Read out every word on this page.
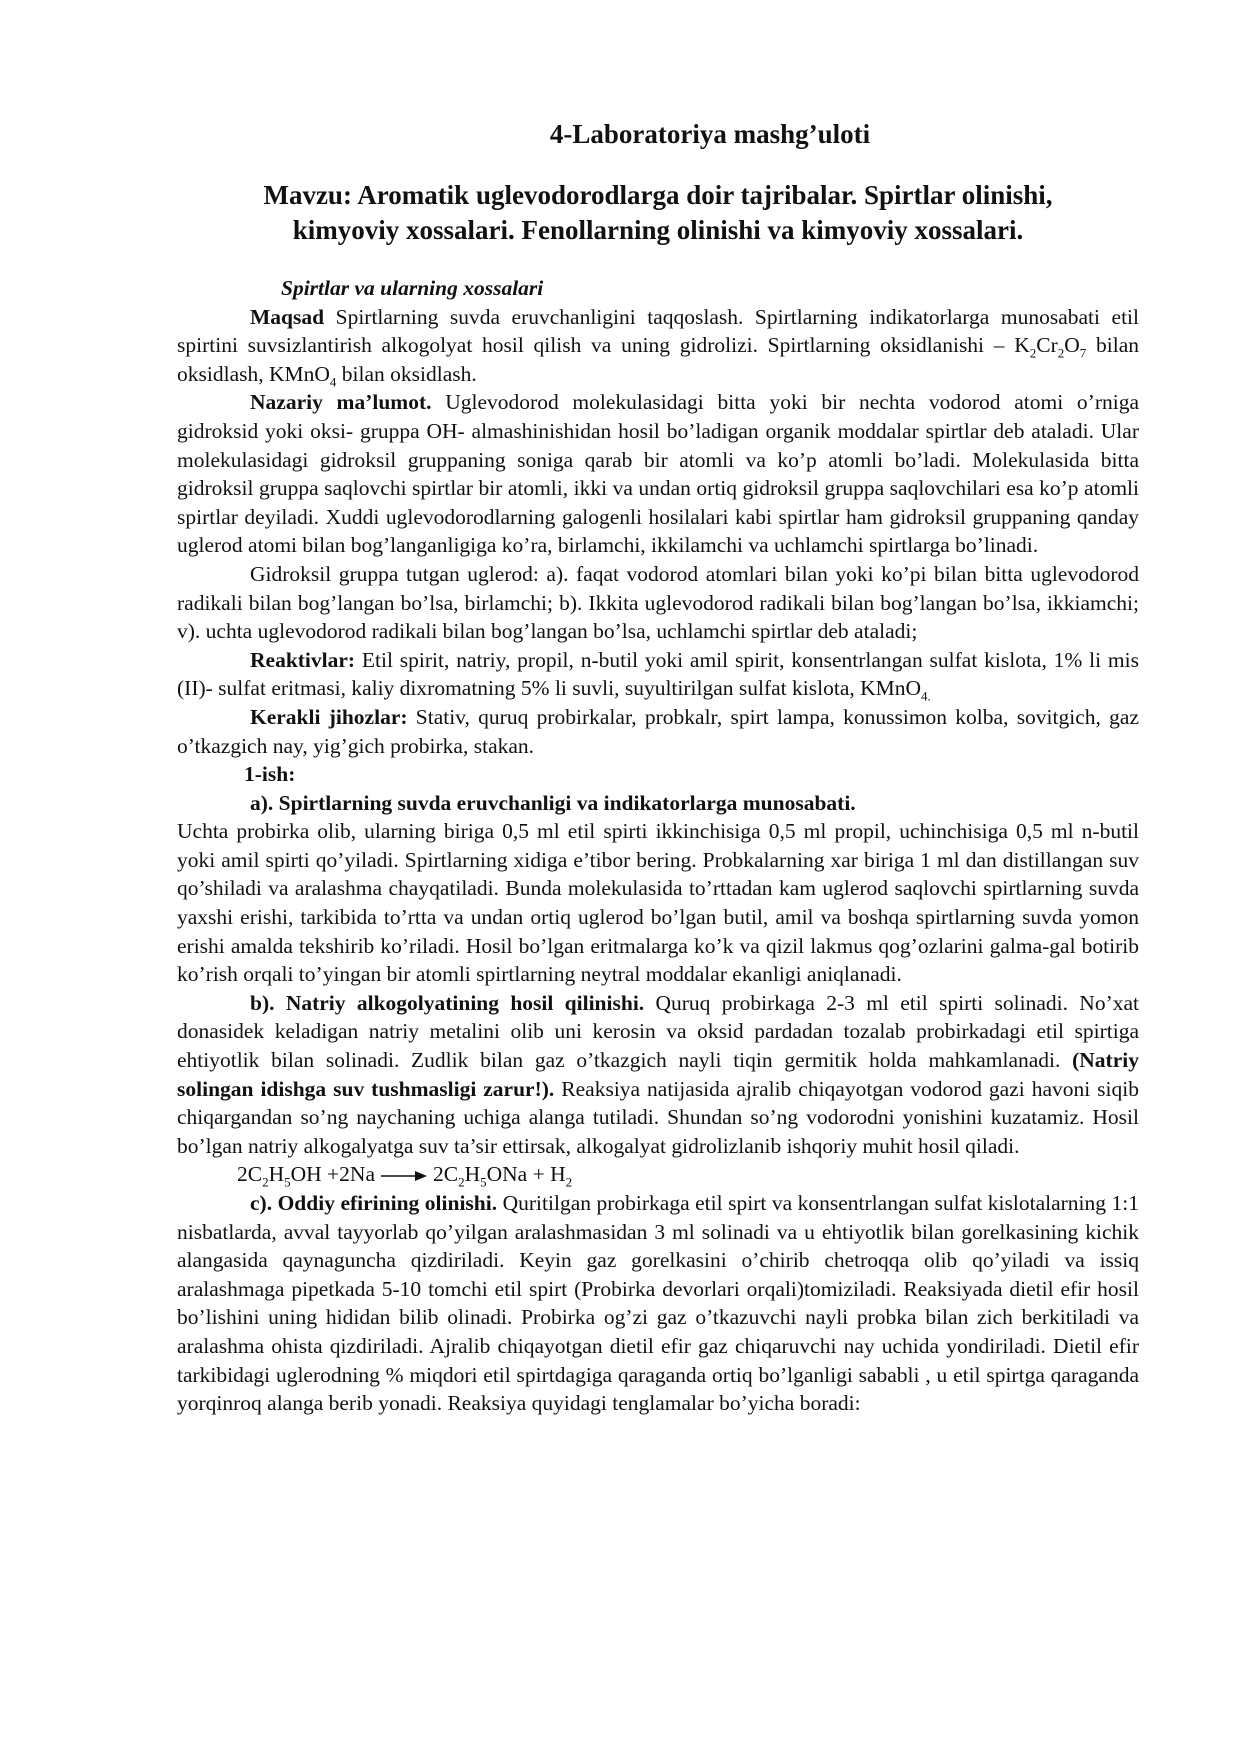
4-Laboratoriya mashg’uloti
Mavzu: Aromatik uglevodorodlarga doir tajribalar. Spirtlar olinishi,
kimyoviy xossalari. Fenollarning olinishi va kimyoviy xossalari.

Spirtlar va ularning xossalari

Maqsad Spirtlarning suvda eruvchanligini taqqoslash. Spirtlarning indikatorlarga munosabati etil spirtini suvsizlantirish alkogolyat hosil qilish va uning gidrolizi. Spirtlarning oksidlanishi – $K_2Cr_2O_7$ bilan oksidlash, KMnO$_4$ bilan oksidlash.

Nazariy ma’lumot. Uglevodorod molekulasidagi bitta yoki bir nechta vodorod atomi o’rniga gidroksid yoki oksi- gruppa OH- almashinishidan hosil bo’ladigan organik moddalar spirtlar deb ataladi. Ular molekulasidagi gidroksil gruppaning soniga qarab bir atomli va ko’p atomli bo’ladi. Molekulasida bitta gidroksil gruppa saqlovchi spirtlar bir atomli, ikki va undan ortiq gidroksil gruppa saqlovchilari esa ko’p atomli spirtlar deyiladi. Xuddi uglevodorodlarning galogenli hosilalari kabi spirtlar ham gidroksil gruppaning qanday uglerod atomi bilan bog’langanligiga ko’ra, birlamchi, ikkilamchi va uchlamchi spirtlarga bo’linadi.

Gidroksil gruppa tutgan uglerod: a). faqat vodorod atomlari bilan yoki ko’pi bilan bitta uglevodorod radikali bilan bog’langan bo’lsa, birlamchi; b). Ikkita uglevodorod radikali bilan bog’langan bo’lsa, ikkiamchi; v). uchta uglevodorod radikali bilan bog’langan bo’lsa, uchlamchi spirtlar deb ataladi;

Reaktivlar: Etil spirit, natriy, propil, n-butil yoki amil spirit, konsentrlangan sulfat kislota, 1% li mis (II)- sulfat eritmasi, kaliy dixromatning 5% li suvli, suyultirilgan sulfat kislota, KMnO$_{4.}$

Kerakli jihozlar: Stativ, quruq probirkalar, probkalr, spirt lampa, konussimon kolba, sovitgich, gaz o’tkazgich nay, yig’gich probirka, stakan.

1-ish:

a). Spirtlarning suvda eruvchanligi va indikatorlarga munosabati.

Uchta probirka olib, ularning biriga 0,5 ml etil spirti ikkinchisiga 0,5 ml propil, uchinchisiga 0,5 ml n-butil yoki amil spirti qo’yiladi. Spirtlarning xidiga e’tibor bering. Probkalarning xar biriga 1 ml dan distillangan suv qo’shiladi va aralashma chayqatiladi. Bunda molekulasida to’rttadan kam uglerod saqlovchi spirtlarning suvda yaxshi erishi, tarkibida to’rtta va undan ortiq uglerod bo’lgan butil, amil va boshqa spirtlarning suvda yomon erishi amalda tekshirib ko’riladi. Hosil bo’lgan eritmalarga ko’k va qizil lakmus qog’ozlarini galma-gal botirib ko’rish orqali to’yingan bir atomli spirtlarning neytral moddalar ekanligi aniqlanadi.

b). Natriy alkogolyatining hosil qilinishi. Quruq probirkaga 2-3 ml etil spirti solinadi. No’xat donasidek keladigan natriy metalini olib uni kerosin va oksid pardadan tozalab probirkadagi etil spirtiga ehtiyotlik bilan solinadi. Zudlik bilan gaz o’tkazgich nayli tiqin germitik holda mahkamlanadi. (Natriy solingan idishga suv tushmasligi zarur!). Reaksiya natijasida ajralib chiqayotgan vodorod gazi havoni siqib chiqargandan so’ng naychaning uchiga alanga tutiladi. Shundan so’ng vodorodni yonishini kuzatamiz. Hosil bo’lgan natriy alkogalyatga suv ta’sir ettirsak, alkogalyat gidrolizlanib ishqoriy muhit hosil qiladi.

$2C_2H_5OH +2Na \to 2C_2H_5ONa + H_2$

c). Oddiy efirining olinishi. Quritilgan probirkaga etil spirt va konsentrlangan sulfat kislotalarning 1:1 nisbatlarda, avval tayyorlab qo’yilgan aralashmasidan 3 ml solinadi va u ehtiyotlik bilan gorelkasining kichik alangasida qaynaguncha qizdiriladi. Keyin gaz gorelkasini o’chirib chetroqqa olib qo’yiladi va issiq aralashmaga pipetkada 5-10 tomchi etil spirt (Probirka devorlari orqali)tomiziladi. Reaksiyada dietil efir hosil bo’lishini uning hididan bilib olinadi. Probirka og’zi gaz o’tkazuvchi nayli probka bilan zich berkitiladi va aralashma ohista qizdiriladi. Ajralib chiqayotgan dietil efir gaz chiqaruvchi nay uchida yondiriladi. Dietil efir tarkibidagi uglerodning % miqdori etil spirtdagiga qaraganda ortiq bo’lganligi sababli , u etil spirtga qaraganda yorqinroq alanga berib yonadi. Reaksiya quyidagi tenglamalar bo’yicha boradi:
